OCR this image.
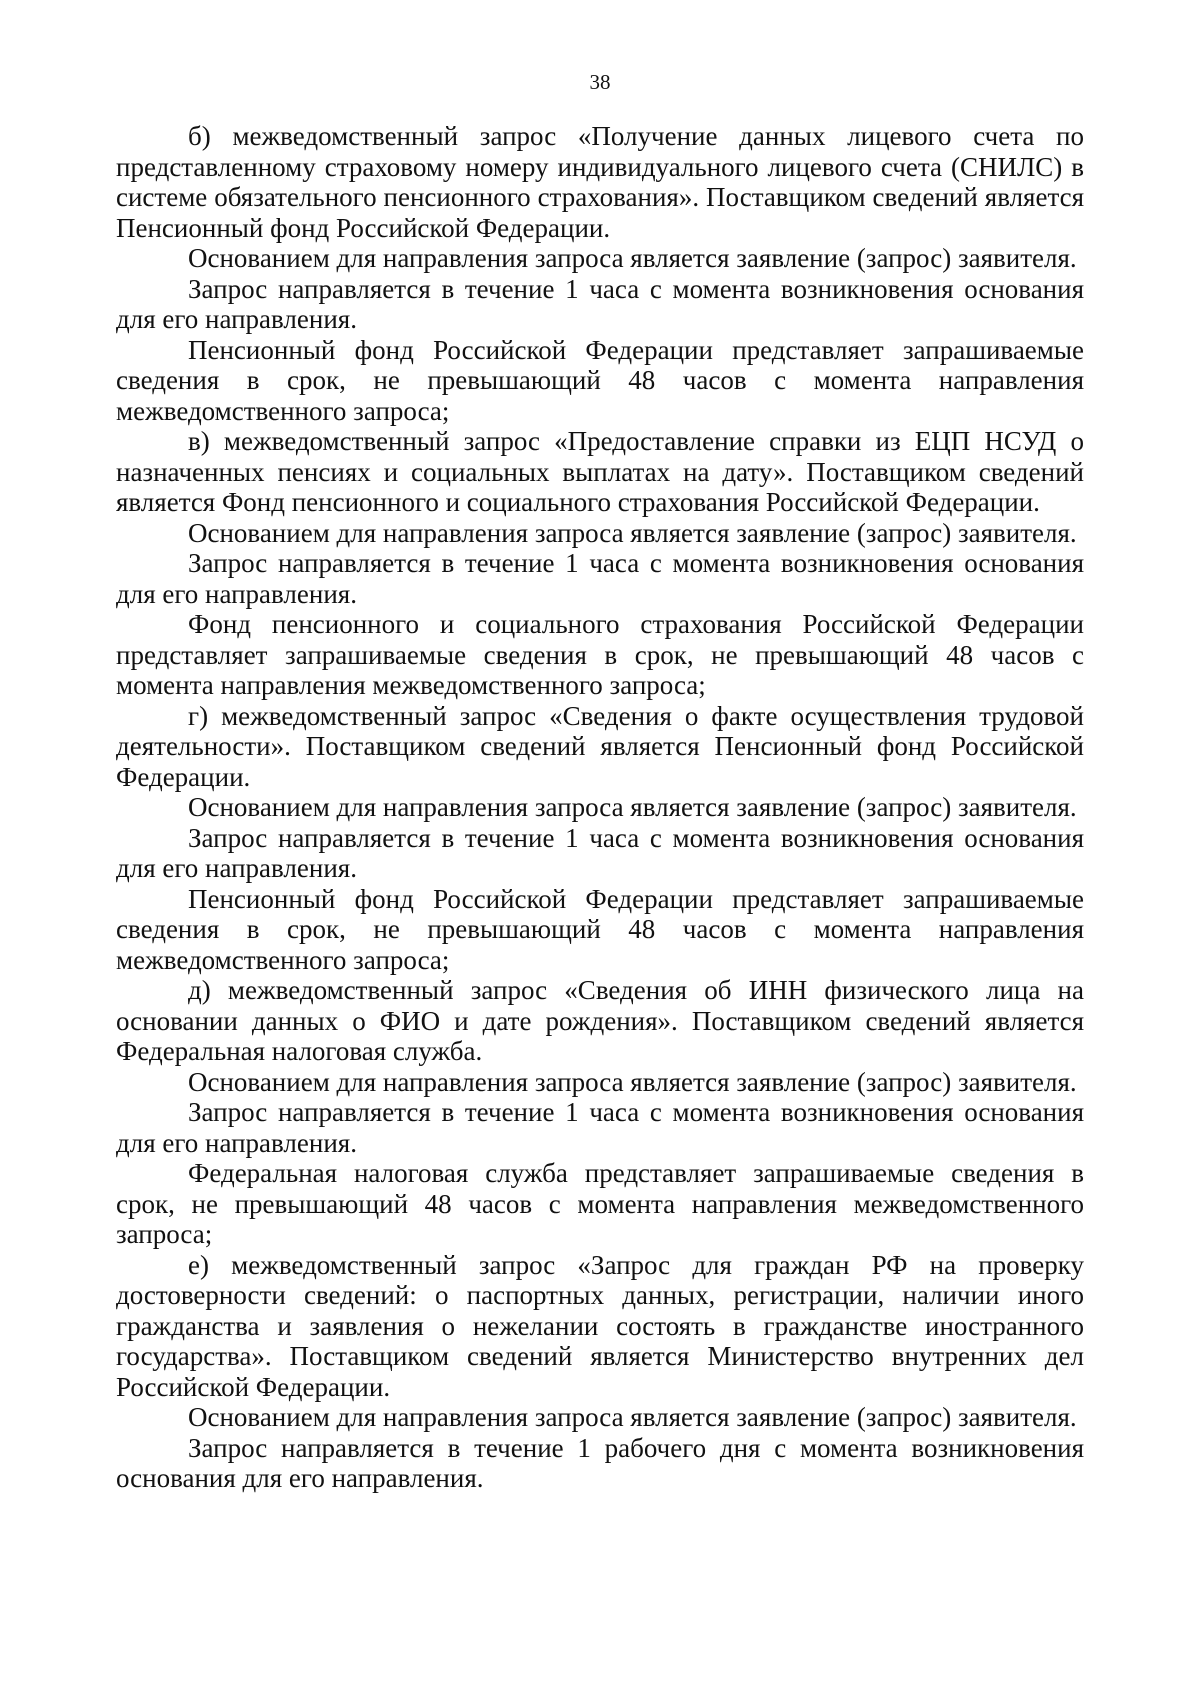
38

б) межведомственный запрос «Получение данных лицевого счета по представленному страховому номеру индивидуального лицевого счета (СНИЛС) в системе обязательного пенсионного страхования». Поставщиком сведений является Пенсионный фонд Российской Федерации.

Основанием для направления запроса является заявление (запрос) заявителя.

Запрос направляется в течение 1 часа с момента возникновения основания для его направления.

Пенсионный фонд Российской Федерации представляет запрашиваемые сведения в срок, не превышающий 48 часов с момента направления межведомственного запроса;

в) межведомственный запрос «Предоставление справки из ЕЦП НСУД о назначенных пенсиях и социальных выплатах на дату». Поставщиком сведений является Фонд пенсионного и социального страхования Российской Федерации.

Основанием для направления запроса является заявление (запрос) заявителя.

Запрос направляется в течение 1 часа с момента возникновения основания для его направления.

Фонд пенсионного и социального страхования Российской Федерации представляет запрашиваемые сведения в срок, не превышающий 48 часов с момента направления межведомственного запроса;

г) межведомственный запрос «Сведения о факте осуществления трудовой деятельности». Поставщиком сведений является Пенсионный фонд Российской Федерации.

Основанием для направления запроса является заявление (запрос) заявителя.

Запрос направляется в течение 1 часа с момента возникновения основания для его направления.

Пенсионный фонд Российской Федерации представляет запрашиваемые сведения в срок, не превышающий 48 часов с момента направления межведомственного запроса;

д) межведомственный запрос «Сведения об ИНН физического лица на основании данных о ФИО и дате рождения». Поставщиком сведений является Федеральная налоговая служба.

Основанием для направления запроса является заявление (запрос) заявителя.

Запрос направляется в течение 1 часа с момента возникновения основания для его направления.

Федеральная налоговая служба представляет запрашиваемые сведения в срок, не превышающий 48 часов с момента направления межведомственного запроса;

е) межведомственный запрос «Запрос для граждан РФ на проверку достоверности сведений: о паспортных данных, регистрации, наличии иного гражданства и заявления о нежелании состоять в гражданстве иностранного государства». Поставщиком сведений является Министерство внутренних дел Российской Федерации.

Основанием для направления запроса является заявление (запрос) заявителя.

Запрос направляется в течение 1 рабочего дня с момента возникновения основания для его направления.
